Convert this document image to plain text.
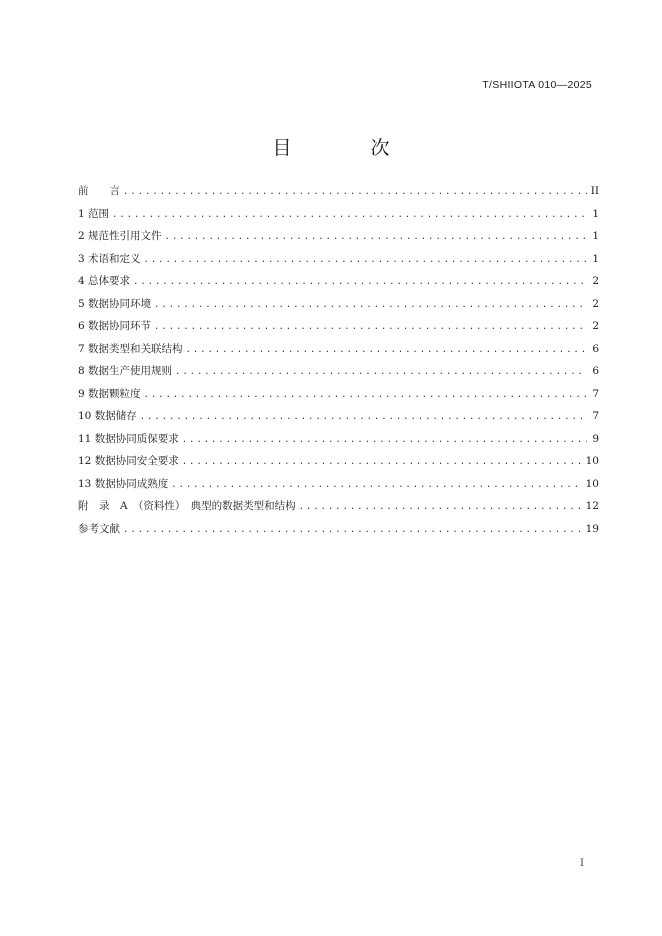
T/SHIIOTA 010—2025
目　次
前　　言 .....	II
1 范围 .....	1
2 规范性引用文件 .....	1
3 术语和定义 .....	1
4 总体要求 .....	2
5 数据协同环境 .....	2
6 数据协同环节 .....	2
7 数据类型和关联结构 .....	6
8 数据生产使用规则 .....	6
9 数据颗粒度 .....	7
10 数据储存 .....	7
11 数据协同质保要求 .....	9
12 数据协同安全要求 .....	10
13 数据协同成熟度 .....	10
附　录　A　（资料性）　典型的数据类型和结构 .....	12
参考文献 .....	19
I
